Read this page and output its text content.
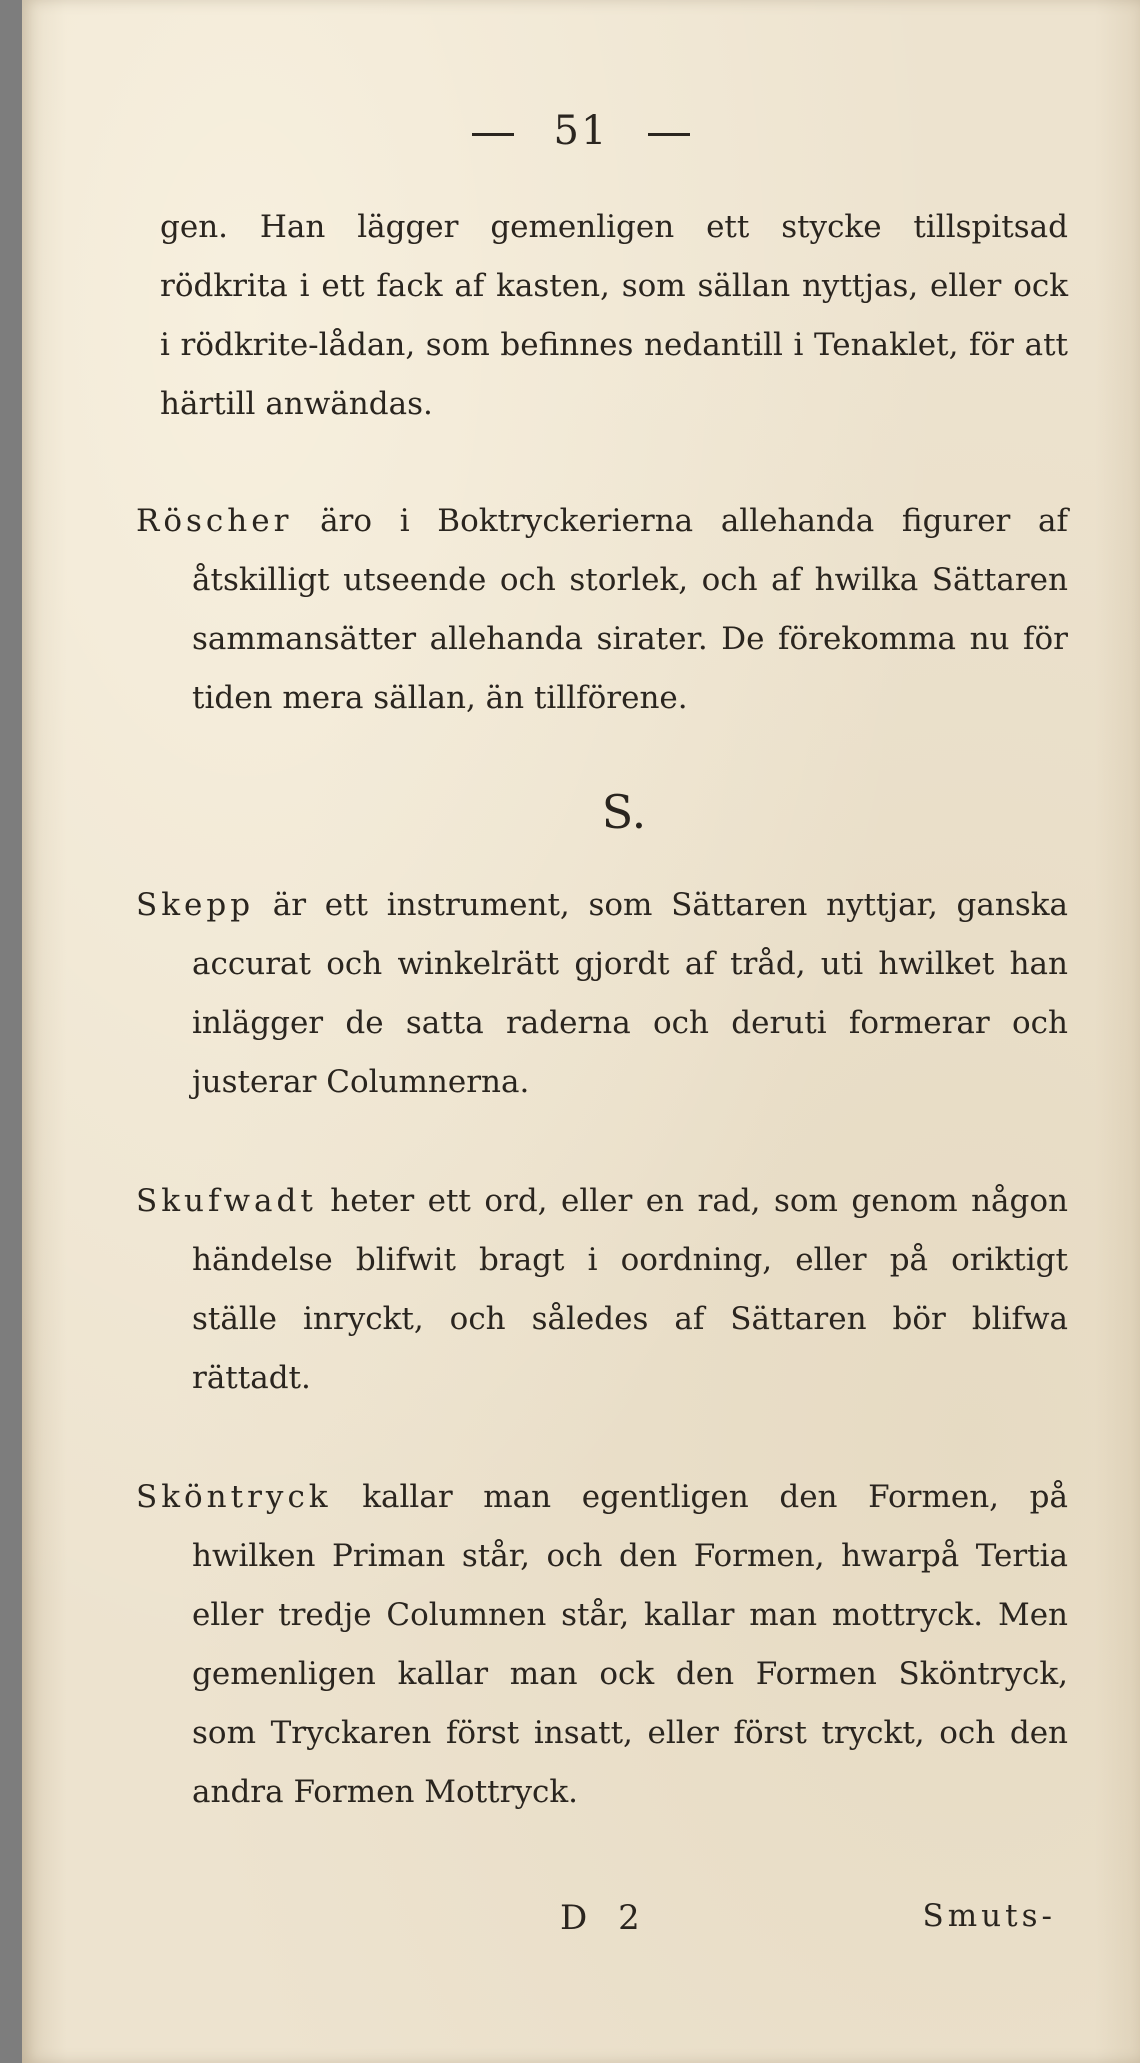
51

gen. Han lägger gemenligen ett stycke tillspitsad rödkrita i ett fack af kasten, som sällan nyttjas, eller ock i rödkrite-lådan, som befinnes nedantill i Tenaklet, för att härtill anwändas.

Röscher äro i Boktryckerierna allehanda figurer af åtskilligt utseende och storlek, och af hwilka Sättaren sammansätter allehanda sirater. De förekomma nu för tiden mera sällan, än tillförene.

S.

Skepp är ett instrument, som Sättaren nyttjar, ganska accurat och winkelrätt gjordt af tråd, uti hwilket han inlägger de satta raderna och deruti formerar och justerar Columnerna.

Skufwadt heter ett ord, eller en rad, som genom någon händelse blifwit bragt i oordning, eller på oriktigt ställe inryckt, och således af Sättaren bör blifwa rättadt.

Sköntryck kallar man egentligen den Formen, på hwilken Priman står, och den Formen, hwarpå Tertia eller tredje Columnen står, kallar man mottryck. Men gemenligen kallar man ock den Formen Sköntryck, som Tryckaren först insatt, eller först tryckt, och den andra Formen Mottryck.

D 2	Smuts-
